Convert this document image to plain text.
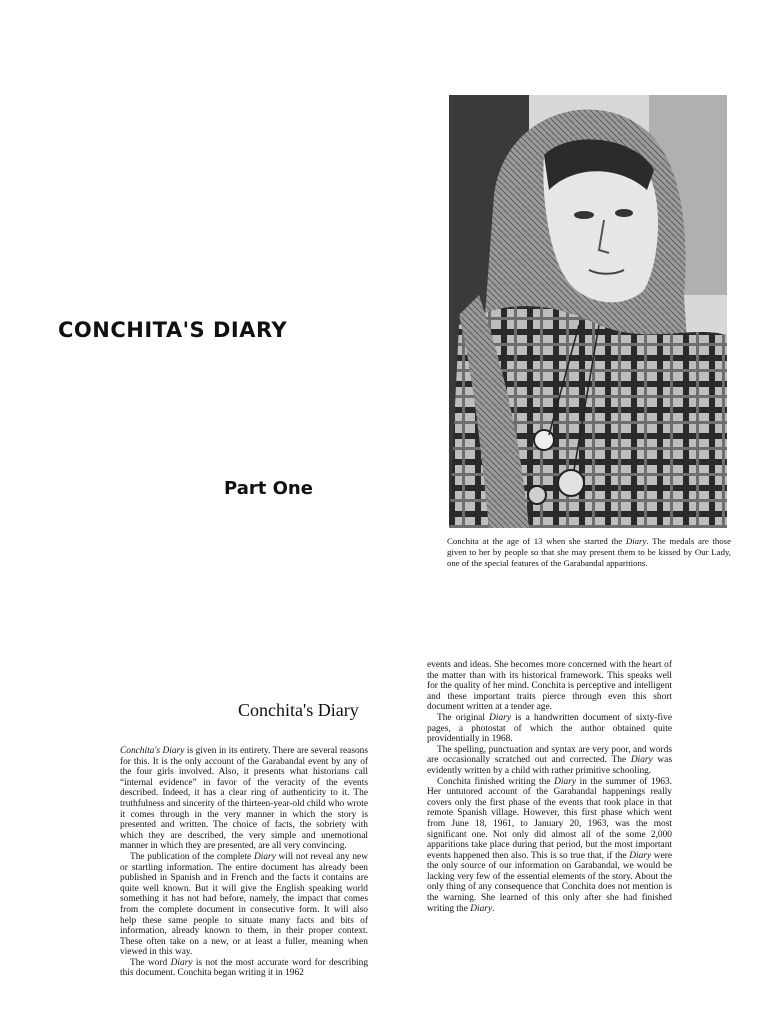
CONCHITA'S DIARY
Part One
Conchita at the age of 13 when she started the Diary. The medals are those given to her by people so that she may present them to be kissed by Our Lady, one of the special features of the Garabandal apparitions.
Conchita's Diary

Conchita's Diary is given in its entirety. There are several reasons for this. It is the only account of the Garabandal event by any of the four girls involved. Also, it presents what historians call “internal evidence” in favor of the veracity of the events described. Indeed, it has a clear ring of authenticity to it. The truthfulness and sincerity of the thirteen-year-old child who wrote it comes through in the very manner in which the story is presented and written. The choice of facts, the sobriety with which they are described, the very simple and unemotional manner in which they are presented, are all very convincing.

The publication of the complete Diary will not reveal any new or startling information. The entire document has already been published in Spanish and in French and the facts it contains are quite well known. But it will give the English speaking world something it has not had before, namely, the impact that comes from the complete document in consecutive form. It will also help these same people to situate many facts and bits of information, already known to them, in their proper context. These often take on a new, or at least a fuller, meaning when viewed in this way.

The word Diary is not the most accurate word for describing this document. Conchita began writing it in 1962

events and ideas. She becomes more concerned with the heart of the matter than with its historical framework. This speaks well for the quality of her mind. Conchita is perceptive and intelligent and these important traits pierce through even this short document written at a tender age.

The original Diary is a handwritten document of sixty-five pages, a photostat of which the author obtained quite providentially in 1968.

The spelling, punctuation and syntax are very poor, and words are occasionally scratched out and corrected. The Diary was evidently written by a child with rather primitive schooling.

Conchita finished writing the Diary in the summer of 1963. Her untutored account of the Garabandal happenings really covers only the first phase of the events that took place in that remote Spanish village. However, this first phase which went from June 18, 1961, to January 20, 1963, was the most significant one. Not only did almost all of the some 2,000 apparitions take place during that period, but the most important events happened then also. This is so true that, if the Diary were the only source of our information on Garabandal, we would be lacking very few of the essential elements of the story. About the only thing of any consequence that Conchita does not mention is the warning. She learned of this only after she had finished writing the Diary.
